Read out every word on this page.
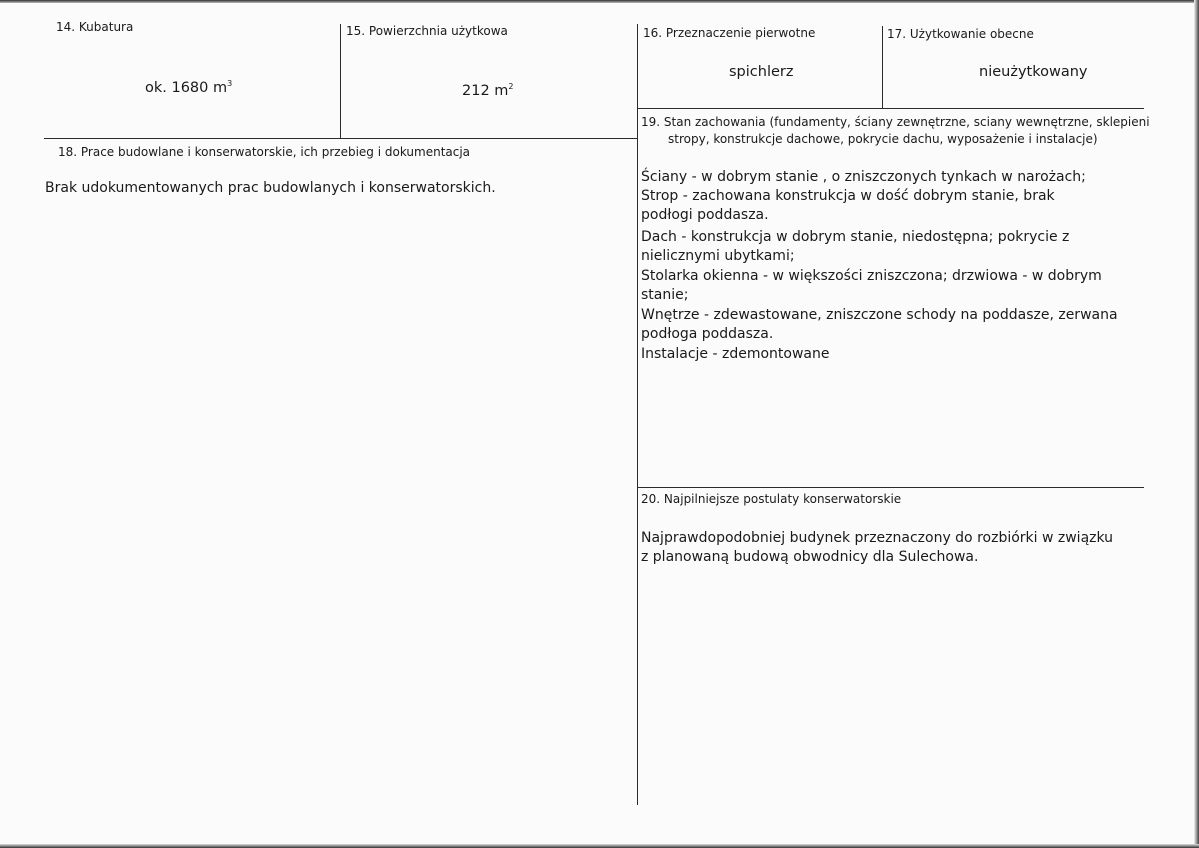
14. Kubatura
ok. 1680 $m^3$
15. Powierzchnia użytkowa
212 $m^2$
16. Przeznaczenie pierwotne
spichlerz
17. Użytkowanie obecne
nieużytkowany
18. Prace budowlane i konserwatorskie, ich przebieg i dokumentacja
Brak udokumentowanych prac budowlanych i konserwatorskich.
19. Stan zachowania (fundamenty, ściany zewnętrzne, sciany wewnętrzne, sklepieni
stropy, konstrukcje dachowe, pokrycie dachu, wyposażenie i instalacje)
Ściany - w dobrym stanie , o zniszczonych tynkach w narożach;
Strop - zachowana konstrukcja w dość dobrym stanie, brak
podłogi poddasza.
Dach - konstrukcja w dobrym stanie, niedostępna; pokrycie z
nielicznymi ubytkami;
Stolarka okienna - w większości zniszczona; drzwiowa - w dobrym
stanie;
Wnętrze - zdewastowane, zniszczone schody na poddasze, zerwana
podłoga poddasza.
Instalacje - zdemontowane
20. Najpilniejsze postulaty konserwatorskie
Najprawdopodobniej budynek przeznaczony do rozbiórki w związku
z planowaną budową obwodnicy dla Sulechowa.
